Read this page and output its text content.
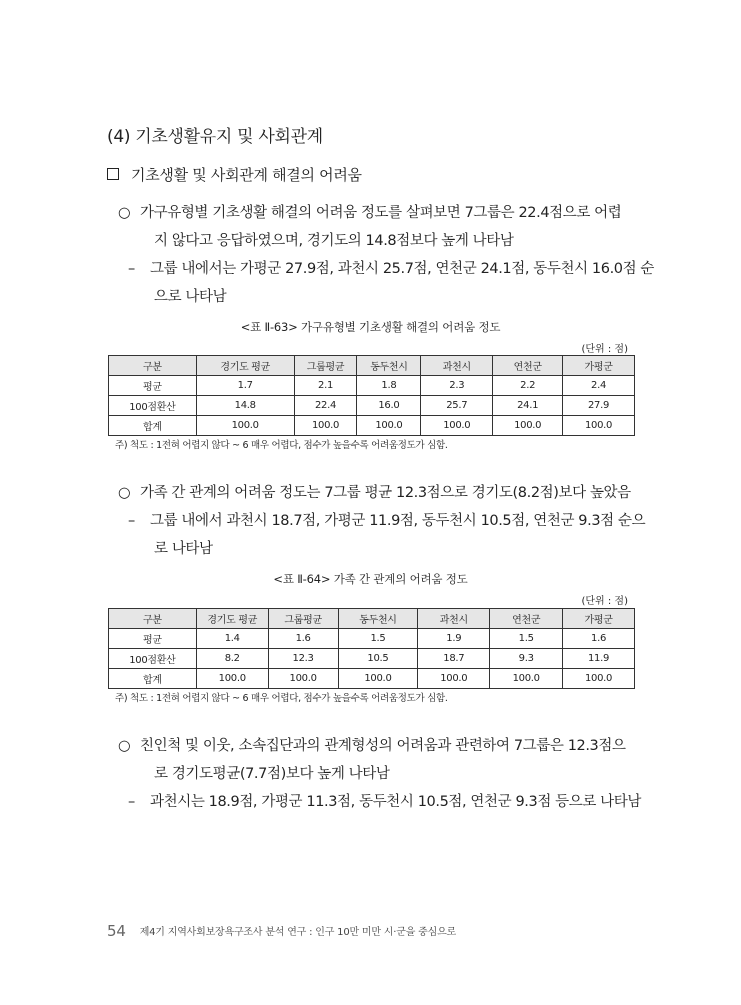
(4) 기초생활유지 및 사회관계
기초생활 및 사회관계 해결의 어려움
○ 가구유형별 기초생활 해결의 어려움 정도를 살펴보면 7그룹은 22.4점으로 어렵
지 않다고 응답하였으며, 경기도의 14.8점보다 높게 나타남
– 그룹 내에서는 가평군 27.9점, 과천시 25.7점, 연천군 24.1점, 동두천시 16.0점 순
으로 나타남
<표 Ⅱ-63> 가구유형별 기초생활 해결의 어려움 정도
(단위 : 점)
구분	경기도 평균	그룹평균	동두천시	과천시	연천군	가평군
평균	1.7	2.1	1.8	2.3	2.2	2.4
100점환산	14.8	22.4	16.0	25.7	24.1	27.9
합계	100.0	100.0	100.0	100.0	100.0	100.0
주) 척도 : 1전혀 어렵지 않다 ~ 6 매우 어렵다, 점수가 높을수록 어려움정도가 심함.
○ 가족 간 관계의 어려움 정도는 7그룹 평균 12.3점으로 경기도(8.2점)보다 높았음
– 그룹 내에서 과천시 18.7점, 가평군 11.9점, 동두천시 10.5점, 연천군 9.3점 순으
로 나타남
<표 Ⅱ-64> 가족 간 관계의 어려움 정도
(단위 : 점)
구분	경기도 평균	그룹평균	동두천시	과천시	연천군	가평군
평균	1.4	1.6	1.5	1.9	1.5	1.6
100점환산	8.2	12.3	10.5	18.7	9.3	11.9
합계	100.0	100.0	100.0	100.0	100.0	100.0
주) 척도 : 1전혀 어렵지 않다 ~ 6 매우 어렵다, 점수가 높을수록 어려움정도가 심함.
○ 친인척 및 이웃, 소속집단과의 관계형성의 어려움과 관련하여 7그룹은 12.3점으
로 경기도평균(7.7점)보다 높게 나타남
– 과천시는 18.9점, 가평군 11.3점, 동두천시 10.5점, 연천군 9.3점 등으로 나타남
54 제4기 지역사회보장욕구조사 분석 연구 : 인구 10만 미만 시·군을 중심으로
